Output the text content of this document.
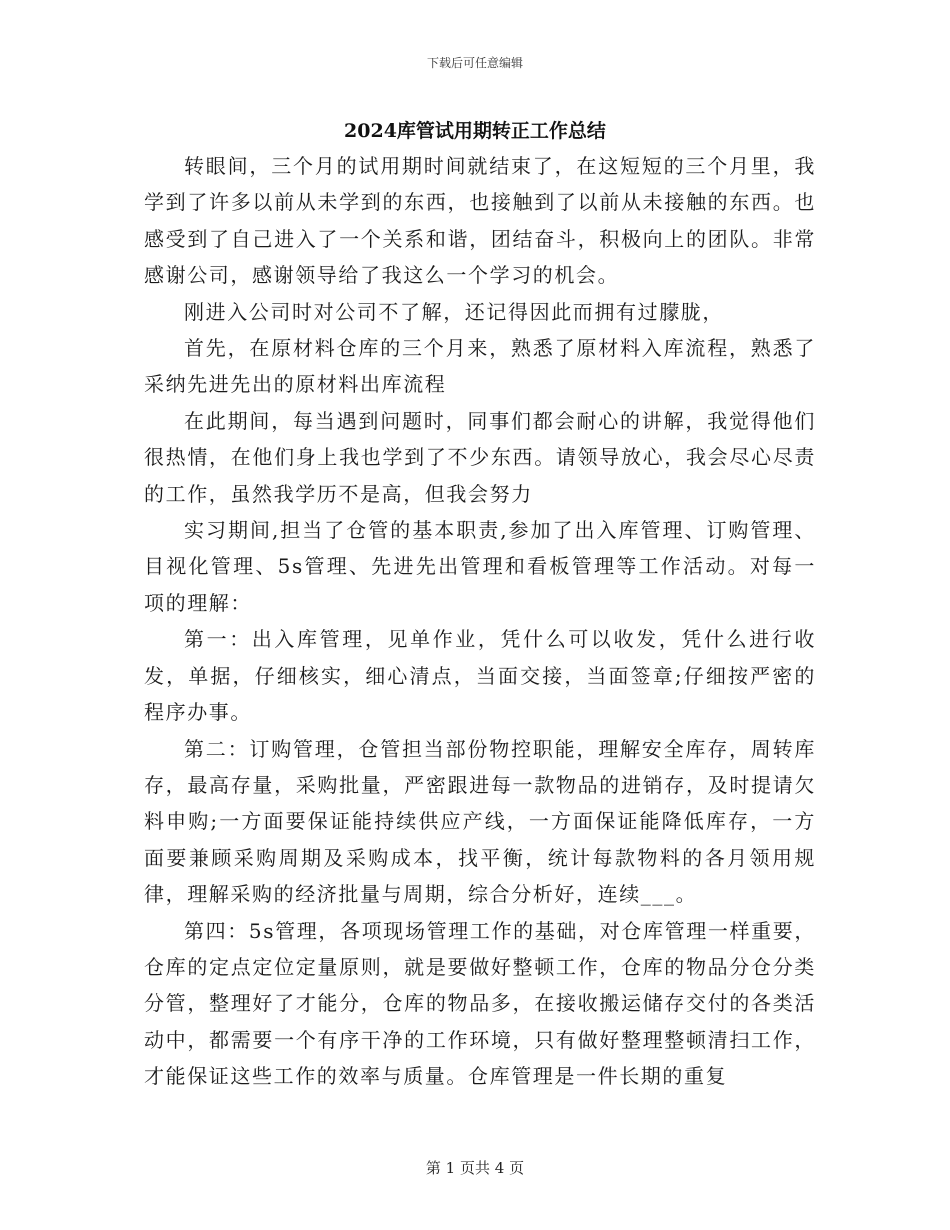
下载后可任意编辑
2024库管试用期转正工作总结

转眼间，三个月的试用期时间就结束了，在这短短的三个月里，我学到了许多以前从未学到的东西，也接触到了以前从未接触的东西。也感受到了自己进入了一个关系和谐，团结奋斗，积极向上的团队。非常感谢公司，感谢领导给了我这么一个学习的机会。

刚进入公司时对公司不了解，还记得因此而拥有过朦胧，

首先，在原材料仓库的三个月来，熟悉了原材料入库流程，熟悉了采纳先进先出的原材料出库流程

在此期间，每当遇到问题时，同事们都会耐心的讲解，我觉得他们很热情，在他们身上我也学到了不少东西。请领导放心，我会尽心尽责的工作，虽然我学历不是高，但我会努力

实习期间,担当了仓管的基本职责,参加了出入库管理、订购管理、目视化管理、5s管理、先进先出管理和看板管理等工作活动。对每一项的理解：

第一：出入库管理，见单作业，凭什么可以收发，凭什么进行收发，单据，仔细核实，细心清点，当面交接，当面签章;仔细按严密的程序办事。

第二：订购管理，仓管担当部份物控职能，理解安全库存，周转库存，最高存量，采购批量，严密跟进每一款物品的进销存，及时提请欠料申购;一方面要保证能持续供应产线，一方面保证能降低库存，一方面要兼顾采购周期及采购成本，找平衡，统计每款物料的各月领用规律，理解采购的经济批量与周期，综合分析好，连续___。

第四：5s管理，各项现场管理工作的基础，对仓库管理一样重要，仓库的定点定位定量原则，就是要做好整顿工作，仓库的物品分仓分类分管，整理好了才能分，仓库的物品多，在接收搬运储存交付的各类活动中，都需要一个有序干净的工作环境，只有做好整理整顿清扫工作，才能保证这些工作的效率与质量。仓库管理是一件长期的重复

第 1 页共 4 页
